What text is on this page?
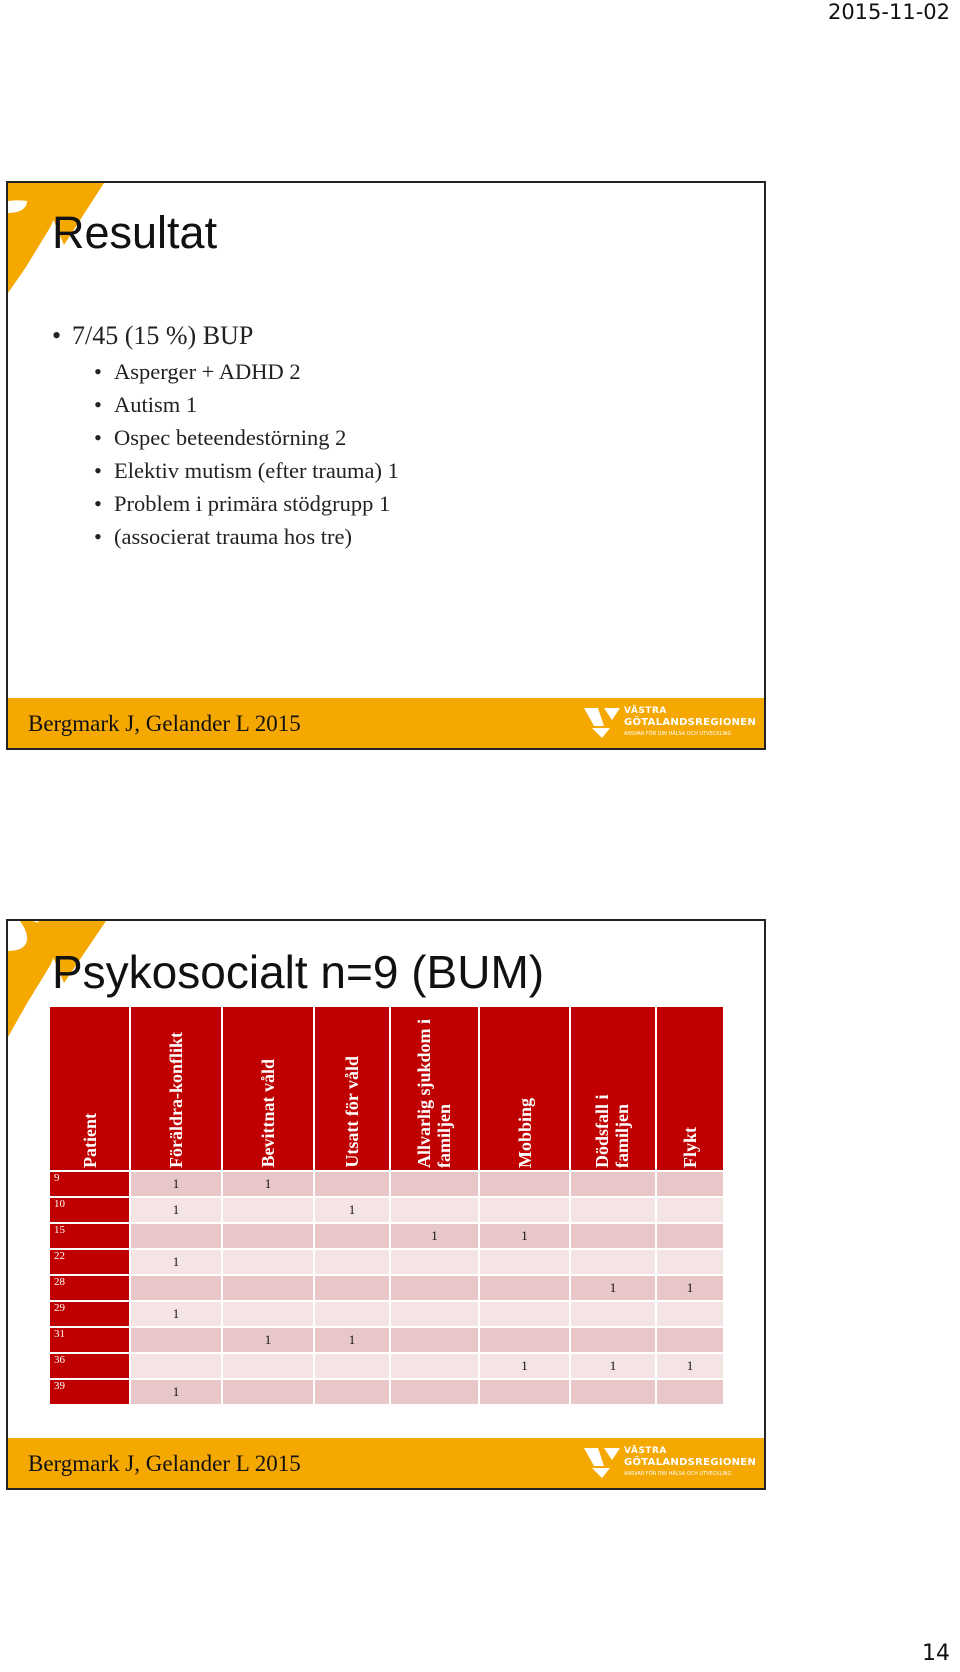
2015-11-02
Resultat
• 7/45 (15 %) BUP
• Asperger + ADHD 2
• Autism 1
• Ospec beteendestörning 2
• Elektiv mutism (efter trauma) 1
• Problem i primära stödgrupp 1
• (associerat trauma hos tre)
Bergmark J, Gelander L 2015	VÄSTRA
GÖTALANDSREGIONEN
ANSVAR FÖR DIN HÄLSA OCH UTVECKLING
Psykosocialt n=9 (BUM)
Patient	Föräldra-konflikt	Bevittnat våld	Utsatt för våld	Allvarlig sjukdom i familjen	Mobbing	Dödsfall i familjen	Flykt

9	1	1					
10	1		1				
15				1	1		
22	1						
28						1	1
29	1						
31		1	1				
36					1	1	1
39	1						
Bergmark J, Gelander L 2015	VÄSTRA
GÖTALANDSREGIONEN
ANSVAR FÖR DIN HÄLSA OCH UTVECKLING
14
